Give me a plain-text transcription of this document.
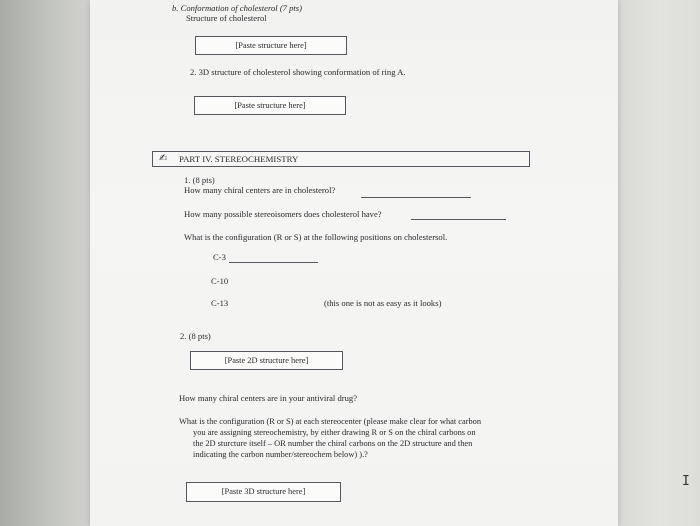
b. Conformation of cholesterol (7 pts)
Structure of cholesterol
[Paste structure here]
2. 3D structure of cholesterol showing conformation of ring A.
[Paste structure here]
✍ PART IV. STEREOCHEMISTRY
1. (8 pts)
How many chiral centers are in cholesterol?
How many possible stereoisomers does cholesterol have?
What is the configuration (R or S) at the following positions on cholestersol.
C-3
C-10
C-13	(this one is not as easy as it looks)
2. (8 pts)
[Paste 2D structure here]
How many chiral centers are in your antiviral drug?
What is the configuration (R or S) at each stereocenter (please make clear for what carbon
you are assigning stereochemistry, by either drawing R or S on the chiral carbons on
the 2D sturcture itself – OR number the chiral carbons on the 2D structure and then
indicating the carbon number/stereochem below) ).?
[Paste 3D structure here]
I
